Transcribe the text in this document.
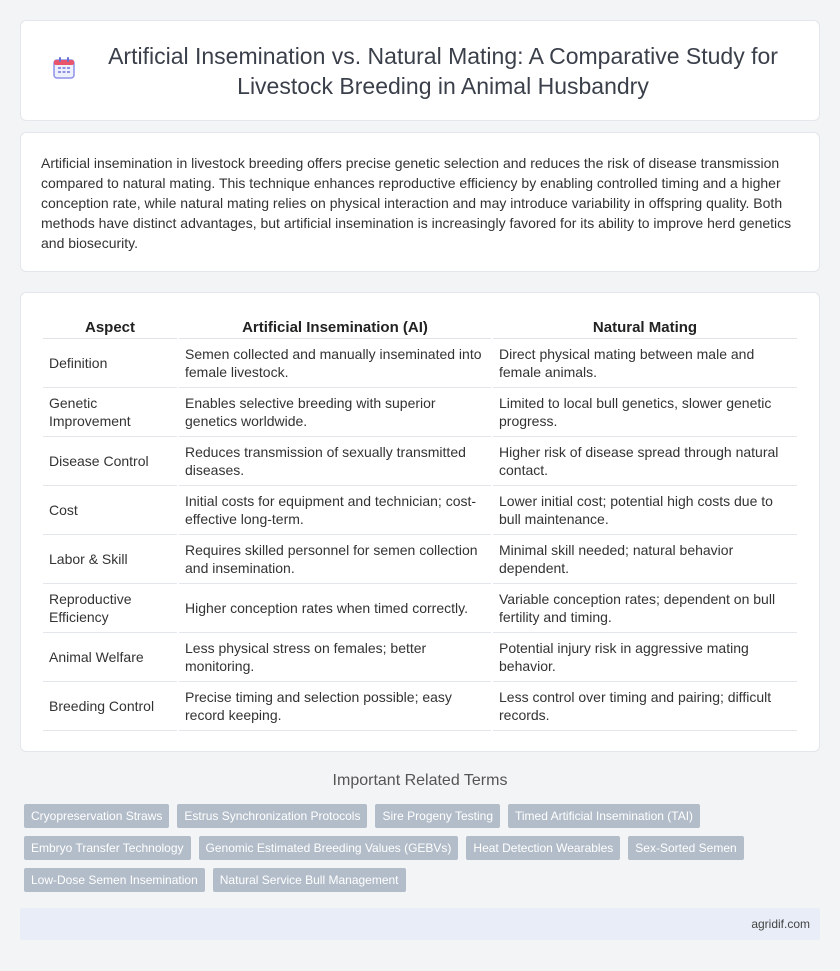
Artificial Insemination vs. Natural Mating: A Comparative Study for Livestock Breeding in Animal Husbandry

Artificial insemination in livestock breeding offers precise genetic selection and reduces the risk of disease transmission compared to natural mating. This technique enhances reproductive efficiency by enabling controlled timing and a higher conception rate, while natural mating relies on physical interaction and may introduce variability in offspring quality. Both methods have distinct advantages, but artificial insemination is increasingly favored for its ability to improve herd genetics and biosecurity.

Aspect	Artificial Insemination (AI)	Natural Mating
Definition	Semen collected and manually inseminated into female livestock.	Direct physical mating between male and female animals.
Genetic Improvement	Enables selective breeding with superior genetics worldwide.	Limited to local bull genetics, slower genetic progress.
Disease Control	Reduces transmission of sexually transmitted diseases.	Higher risk of disease spread through natural contact.
Cost	Initial costs for equipment and technician; cost-effective long-term.	Lower initial cost; potential high costs due to bull maintenance.
Labor & Skill	Requires skilled personnel for semen collection and insemination.	Minimal skill needed; natural behavior dependent.
Reproductive Efficiency	Higher conception rates when timed correctly.	Variable conception rates; dependent on bull fertility and timing.
Animal Welfare	Less physical stress on females; better monitoring.	Potential injury risk in aggressive mating behavior.
Breeding Control	Precise timing and selection possible; easy record keeping.	Less control over timing and pairing; difficult records.
Important Related Terms
Cryopreservation Straws	Estrus Synchronization Protocols	Sire Progeny Testing	Timed Artificial Insemination (TAI)
Embryo Transfer Technology	Genomic Estimated Breeding Values (GEBVs)	Heat Detection Wearables	Sex-Sorted Semen
Low-Dose Semen Insemination	Natural Service Bull Management
agridif.com
